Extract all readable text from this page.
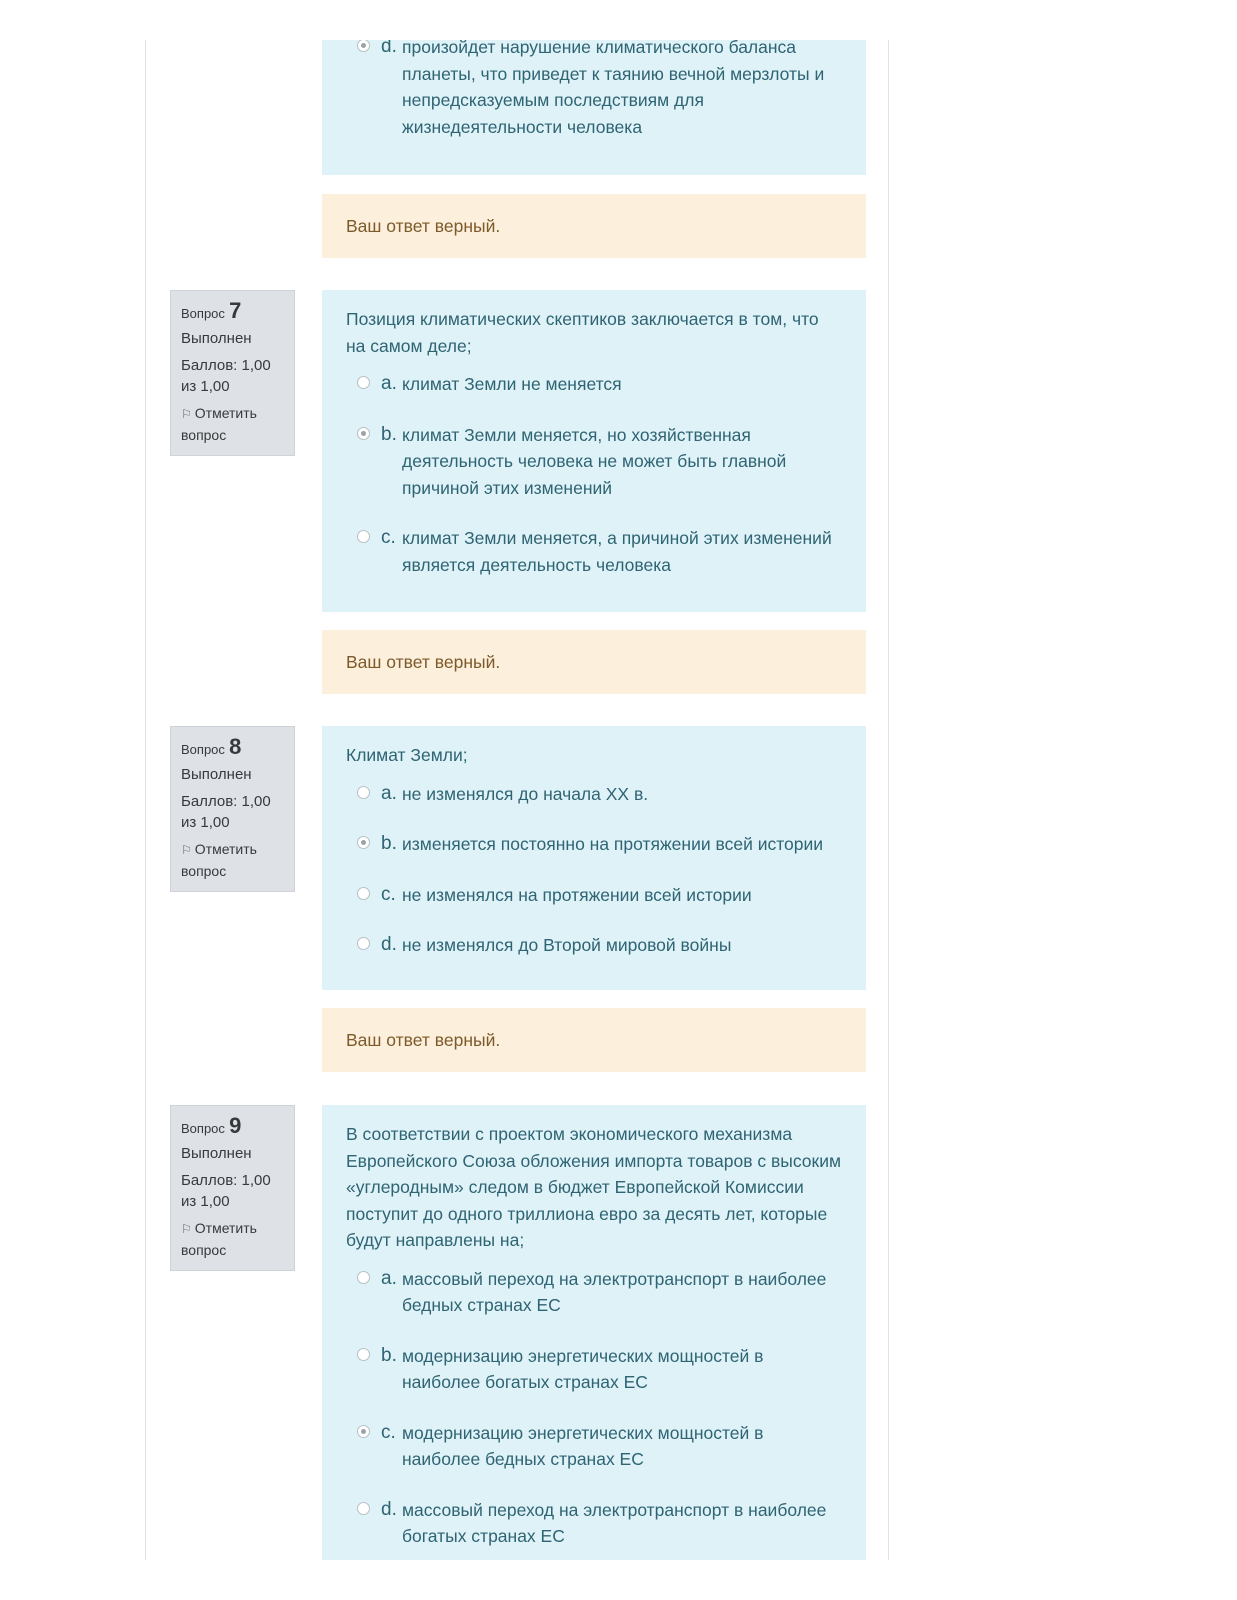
d. произойдет нарушение климатического баланса планеты, что приведет к таянию вечной мерзлоты и непредсказуемым последствиям для жизнедеятельности человека
Ваш ответ верный.
Вопрос 7
Выполнен
Баллов: 1,00 из 1,00
⚐ Отметить вопрос
Позиция климатических скептиков заключается в том, что на самом деле;
a. климат Земли не меняется
b. климат Земли меняется, но хозяйственная деятельность человека не может быть главной причиной этих изменений
c. климат Земли меняется, а причиной этих изменений является деятельность человека
Ваш ответ верный.
Вопрос 8
Выполнен
Баллов: 1,00 из 1,00
⚐ Отметить вопрос
Климат Земли;
a. не изменялся до начала XX в.
b. изменяется постоянно на протяжении всей истории
c. не изменялся на протяжении всей истории
d. не изменялся до Второй мировой войны
Ваш ответ верный.
Вопрос 9
Выполнен
Баллов: 1,00 из 1,00
⚐ Отметить вопрос
В соответствии с проектом экономического механизма Европейского Союза обложения импорта товаров с высоким «углеродным» следом в бюджет Европейской Комиссии поступит до одного триллиона евро за десять лет, которые будут направлены на;
a. массовый переход на электротранспорт в наиболее бедных странах ЕС
b. модернизацию энергетических мощностей в наиболее богатых странах ЕС
c. модернизацию энергетических мощностей в наиболее бедных странах ЕС
d. массовый переход на электротранспорт в наиболее богатых странах ЕС
